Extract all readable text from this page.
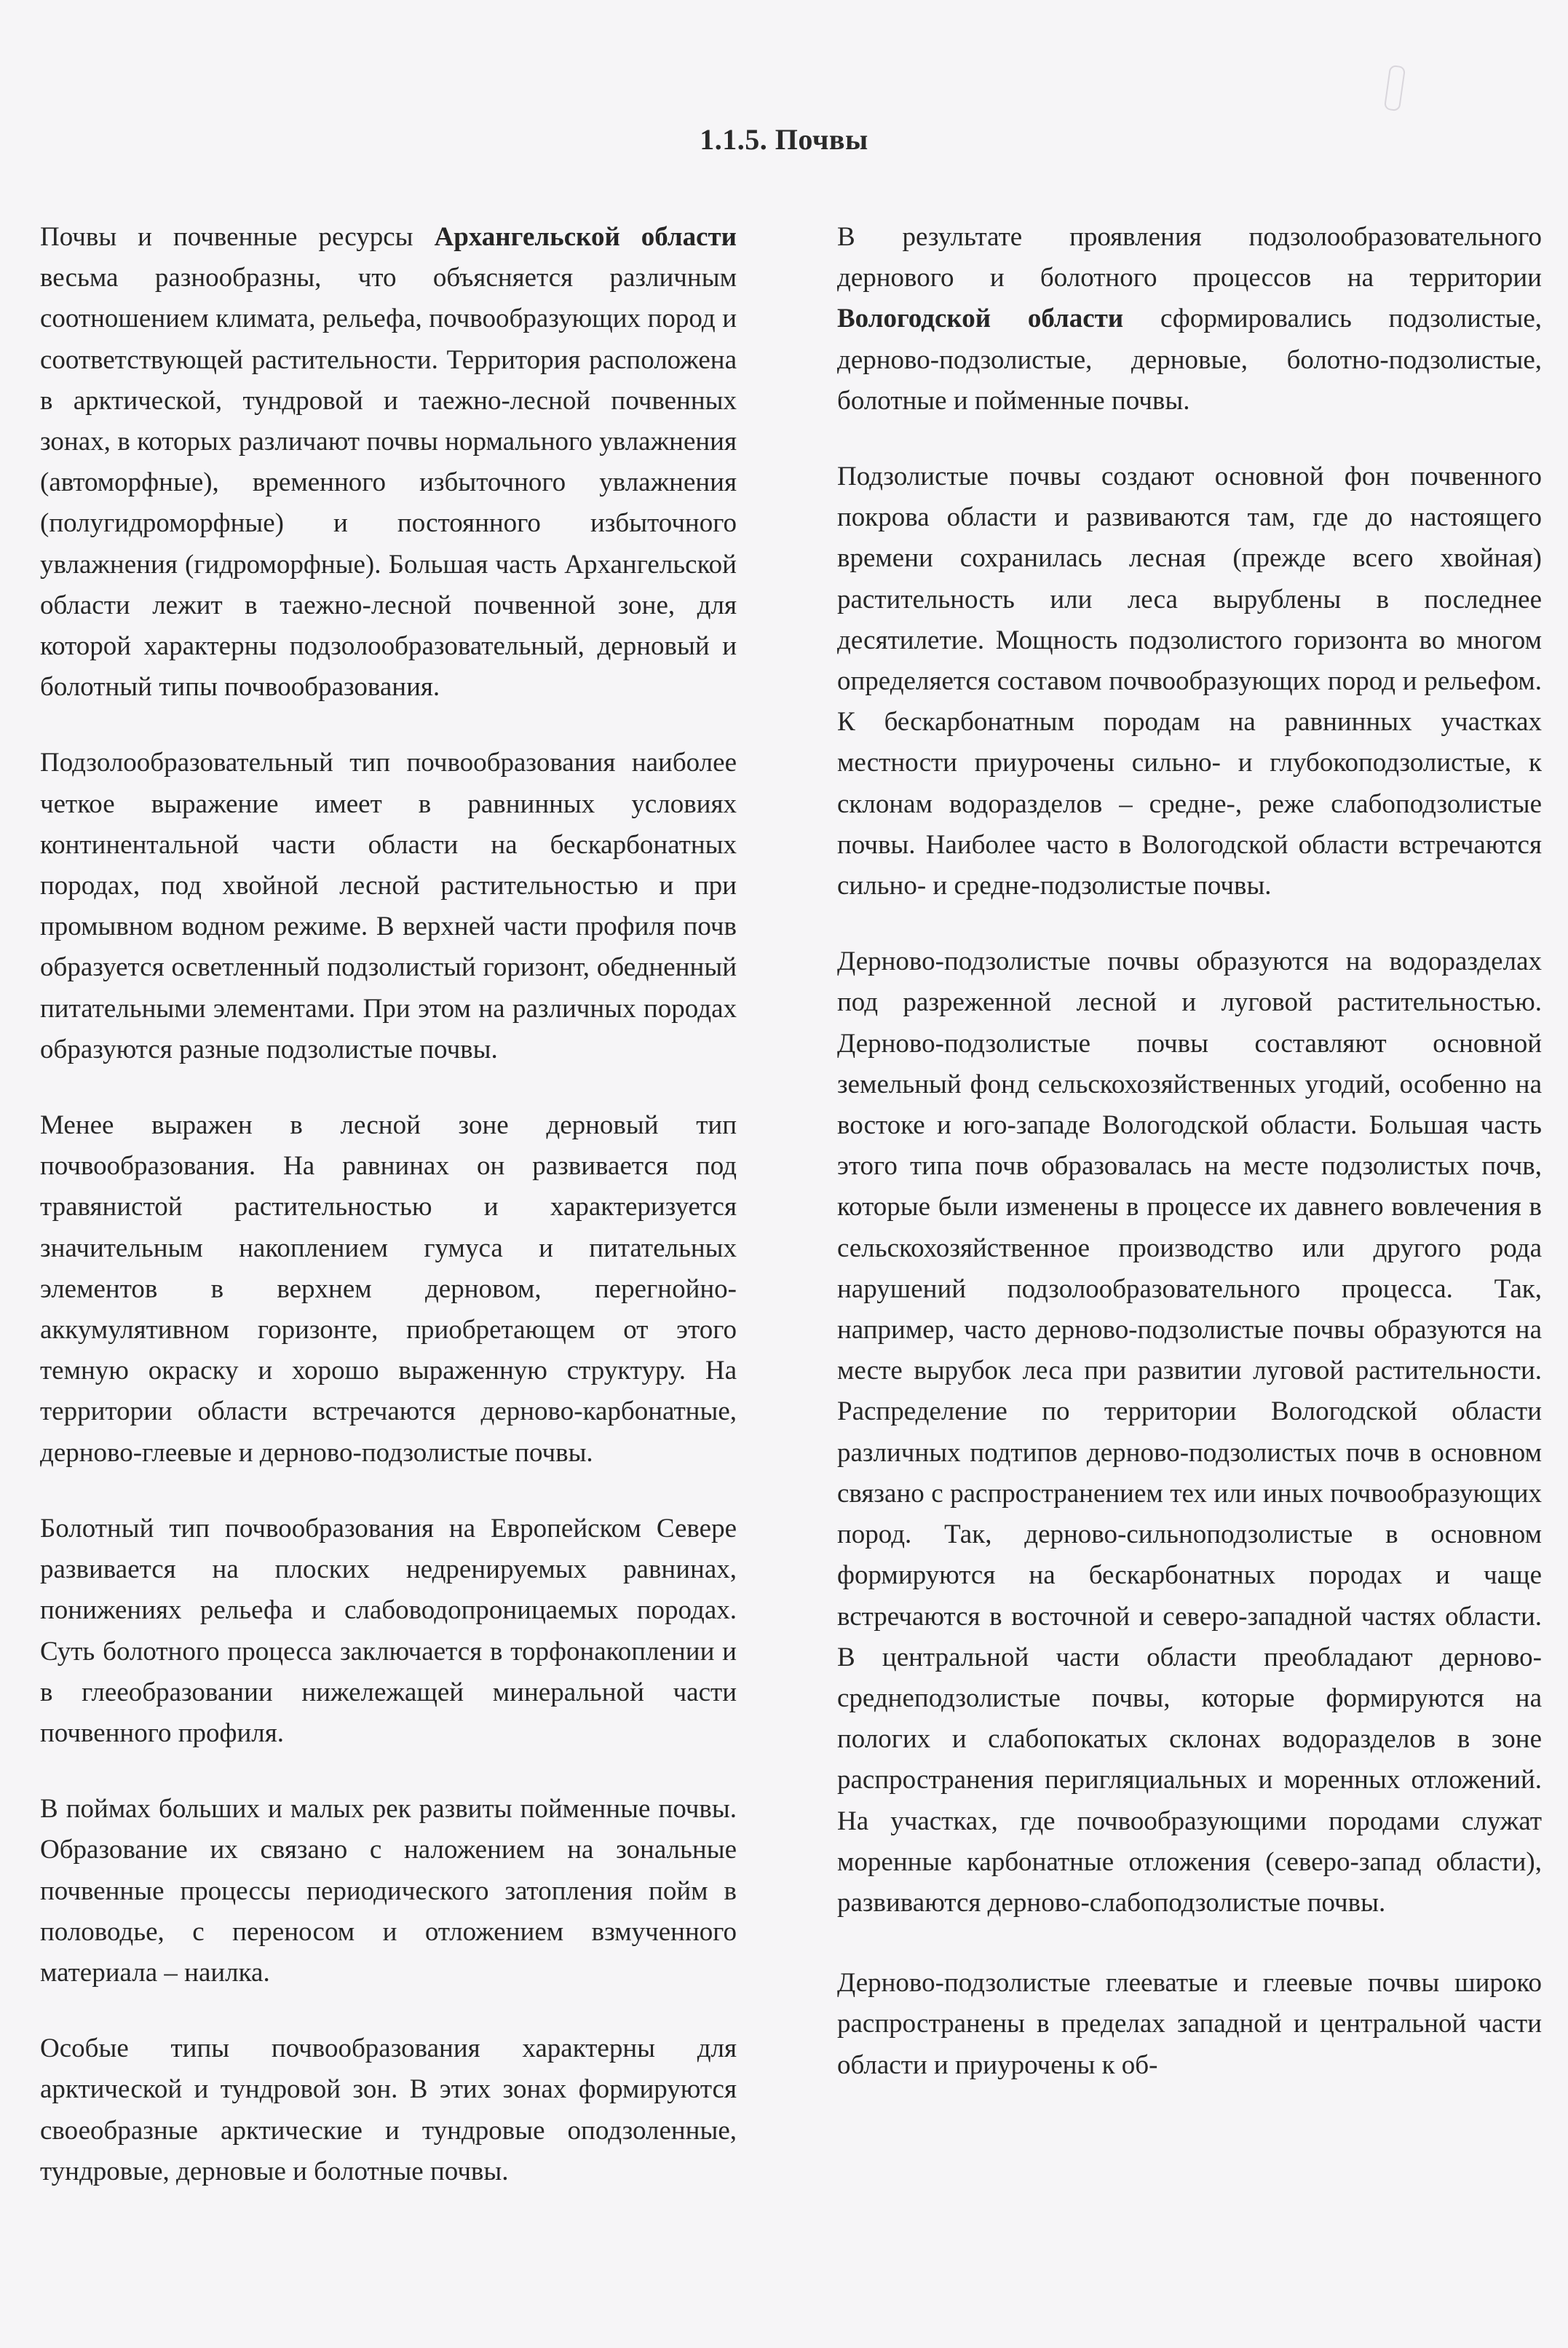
1.1.5. Почвы

Почвы и почвенные ресурсы Архангельской области весьма разнообразны, что объясняется различным соотношением климата, рельефа, почвообразующих пород и соответствующей растительности. Территория расположена в арктической, тундровой и таежно-лесной почвенных зонах, в которых различают почвы нормального увлажнения (автоморфные), временного избыточного увлажнения (полугидроморфные) и постоянного избыточного увлажнения (гидроморфные). Большая часть Архангельской области лежит в таежно-лесной почвенной зоне, для которой характерны подзолообразовательный, дерновый и болотный типы почвообразования.

Подзолообразовательный тип почвообразования наиболее четкое выражение имеет в равнинных условиях континентальной части области на бескарбонатных породах, под хвойной лесной растительностью и при промывном водном режиме. В верхней части профиля почв образуется осветленный подзолистый горизонт, обедненный питательными элементами. При этом на различных породах образуются разные подзолистые почвы.

Менее выражен в лесной зоне дерновый тип почвообразования. На равнинах он развивается под травянистой растительностью и характеризуется значительным накоплением гумуса и питательных элементов в верхнем дерновом, перегнойно-аккумулятивном горизонте, приобретающем от этого темную окраску и хорошо выраженную структуру. На территории области встречаются дерново-карбонатные, дерново-глеевые и дерново-подзолистые почвы.

Болотный тип почвообразования на Европейском Севере развивается на плоских недренируемых равнинах, понижениях рельефа и слабоводопроницаемых породах. Суть болотного процесса заключается в торфонакоплении и в глееобразовании нижележащей минеральной части почвенного профиля.

В поймах больших и малых рек развиты пойменные почвы. Образование их связано с наложением на зональные почвенные процессы периодического затопления пойм в половодье, с переносом и отложением взмученного материала – наилка.

Особые типы почвообразования характерны для арктической и тундровой зон. В этих зонах формируются своеобразные арктические и тундровые оподзоленные, тундровые, дерновые и болотные почвы.

В результате проявления подзолообразовательного дернового и болотного процессов на территории Вологодской области сформировались подзолистые, дерново-подзолистые, дерновые, болотно-подзолистые, болотные и пойменные почвы.

Подзолистые почвы создают основной фон почвенного покрова области и развиваются там, где до настоящего времени сохранилась лесная (прежде всего хвойная) растительность или леса вырублены в последнее десятилетие. Мощность подзолистого горизонта во многом определяется составом почвообразующих пород и рельефом. К бескарбонатным породам на равнинных участках местности приурочены сильно- и глубокоподзолистые, к склонам водоразделов – средне-, реже слабоподзолистые почвы. Наиболее часто в Вологодской области встречаются сильно- и средне-подзолистые почвы.

Дерново-подзолистые почвы образуются на водоразделах под разреженной лесной и луговой растительностью. Дерново-подзолистые почвы составляют основной земельный фонд сельскохозяйственных угодий, особенно на востоке и юго-западе Вологодской области. Большая часть этого типа почв образовалась на месте подзолистых почв, которые были изменены в процессе их давнего вовлечения в сельскохозяйственное производство или другого рода нарушений подзолообразовательного процесса. Так, например, часто дерново-подзолистые почвы образуются на месте вырубок леса при развитии луговой растительности. Распределение по территории Вологодской области различных подтипов дерново-подзолистых почв в основном связано с распространением тех или иных почвообразующих пород. Так, дерново-сильноподзолистые в основном формируются на бескарбонатных породах и чаще встречаются в восточной и северо-западной частях области. В центральной части области преобладают дерново-среднеподзолистые почвы, которые формируются на пологих и слабопокатых склонах водоразделов в зоне распространения перигляциальных и моренных отложений. На участках, где почвообразующими породами служат моренные карбонатные отложения (северо-запад области), развиваются дерново-слабоподзолистые почвы.

Дерново-подзолистые глееватые и глеевые почвы широко распространены в пределах западной и центральной части области и приурочены к об-
